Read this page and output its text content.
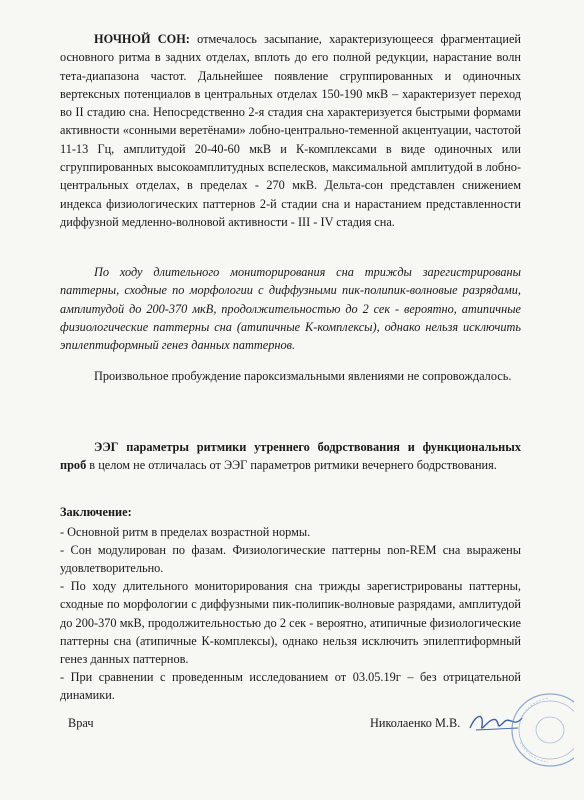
НОЧНОЙ СОН: отмечалось засыпание, характеризующееся фрагментацией основного ритма в задних отделах, вплоть до его полной редукции, нарастание волн тета-диапазона частот. Дальнейшее появление сгруппированных и одиночных вертексных потенциалов в центральных отделах 150-190 мкВ – характеризует переход во II стадию сна. Непосредственно 2-я стадия сна характеризуется быстрыми формами активности «сонными веретёнами» лобно-центрально-теменной акцентуации, частотой 11-13 Гц, амплитудой 20-40-60 мкВ и К-комплексами в виде одиночных или сгруппированных высокоамплитудных вспелесков, максимальной амплитудой в лобно-центральных отделах, в пределах - 270 мкВ. Дельта-сон представлен снижением индекса физиологических паттернов 2-й стадии сна и нарастанием представленности диффузной медленно-волновой активности - III - IV стадия сна.

По ходу длительного мониторирования сна трижды зарегистрированы паттерны, сходные по морфологии с диффузными пик-полипик-волновые разрядами, амплитудой до 200-370 мкВ, продолжительностью до 2 сек - вероятно, атипичные физиологические паттерны сна (атипичные К-комплексы), однако нельзя исключить эпилептиформный генез данных паттернов.

Произвольное пробуждение пароксизмальными явлениями не сопровождалось.

ЭЭГ параметры ритмики утреннего бодрствования и функциональных проб в целом не отличалась от ЭЭГ параметров ритмики вечернего бодрствования.

Заключение:

- Основной ритм в пределах возрастной нормы.

- Сон модулирован по фазам. Физиологические паттерны non-REM сна выражены удовлетворительно.

- По ходу длительного мониторирования сна трижды зарегистрированы паттерны, сходные по морфологии с диффузными пик-полипик-волновые разрядами, амплитудой до 200-370 мкВ, продолжительностью до 2 сек - вероятно, атипичные физиологические паттерны сна (атипичные К-комплексы), однако нельзя исключить эпилептиформный генез данных паттернов.

- При сравнении с проведенным исследованием от 03.05.19г – без отрицательной динамики.

Врач	Николаенко М.В.
